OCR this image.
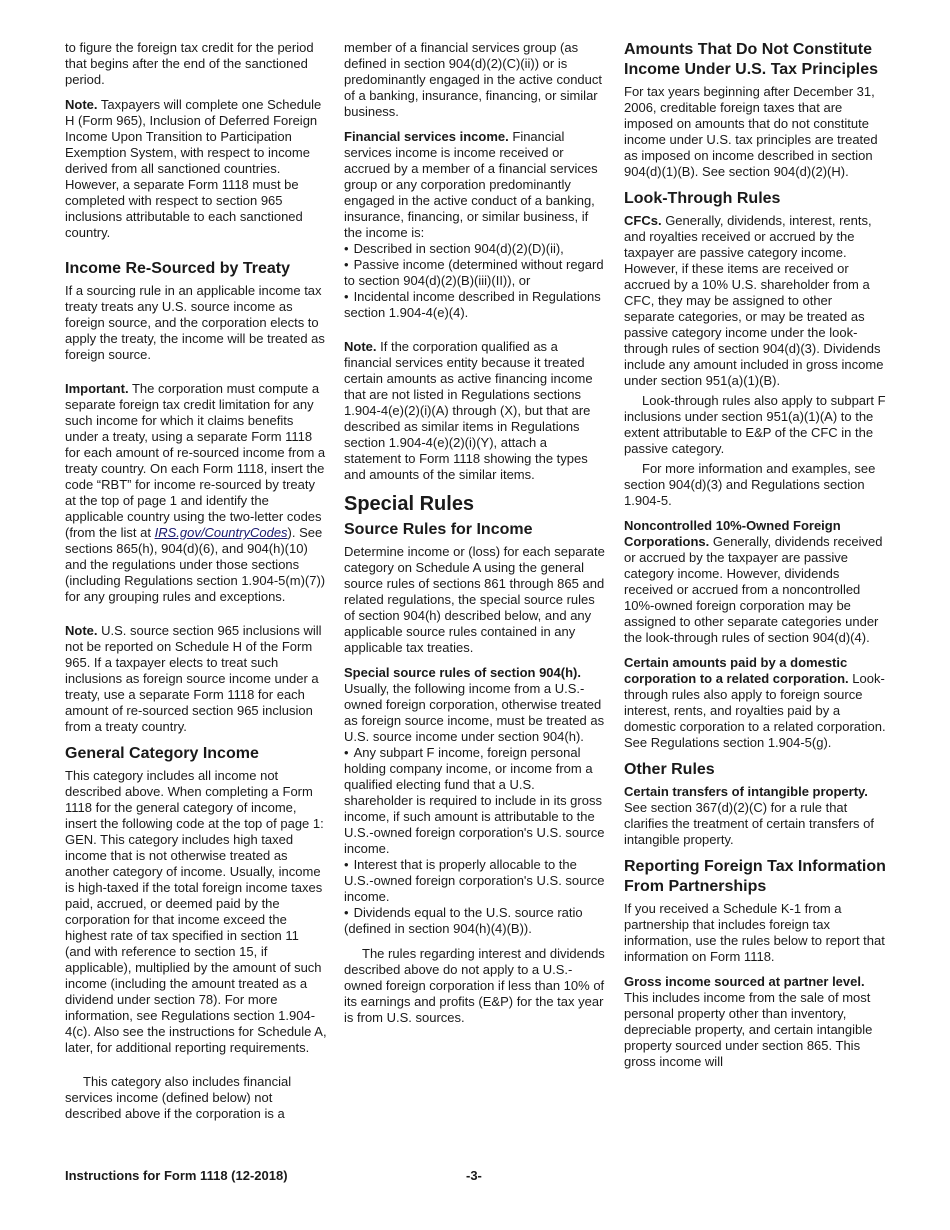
to figure the foreign tax credit for the period that begins after the end of the sanctioned period.

Note. Taxpayers will complete one Schedule H (Form 965), Inclusion of Deferred Foreign Income Upon Transition to Participation Exemption System, with respect to income derived from all sanctioned countries. However, a separate Form 1118 must be completed with respect to section 965 inclusions attributable to each sanctioned country.

Income Re-Sourced by Treaty

If a sourcing rule in an applicable income tax treaty treats any U.S. source income as foreign source, and the corporation elects to apply the treaty, the income will be treated as foreign source.

Important. The corporation must compute a separate foreign tax credit limitation for any such income for which it claims benefits under a treaty, using a separate Form 1118 for each amount of re-sourced income from a treaty country. On each Form 1118, insert the code “RBT” for income re-sourced by treaty at the top of page 1 and identify the applicable country using the two-letter codes (from the list at IRS.gov/CountryCodes). See sections 865(h), 904(d)(6), and 904(h)(10) and the regulations under those sections (including Regulations section 1.904-5(m)(7)) for any grouping rules and exceptions.

Note. U.S. source section 965 inclusions will not be reported on Schedule H of the Form 965. If a taxpayer elects to treat such inclusions as foreign source income under a treaty, use a separate Form 1118 for each amount of re-sourced section 965 inclusion from a treaty country.

General Category Income

This category includes all income not described above. When completing a Form 1118 for the general category of income, insert the following code at the top of page 1: GEN. This category includes high taxed income that is not otherwise treated as another category of income. Usually, income is high-taxed if the total foreign income taxes paid, accrued, or deemed paid by the corporation for that income exceed the highest rate of tax specified in section 11 (and with reference to section 15, if applicable), multiplied by the amount of such income (including the amount treated as a dividend under section 78). For more information, see Regulations section 1.904-4(c). Also see the instructions for Schedule A, later, for additional reporting requirements.

This category also includes financial services income (defined below) not described above if the corporation is a

member of a financial services group (as defined in section 904(d)(2)(C)(ii)) or is predominantly engaged in the active conduct of a banking, insurance, financing, or similar business.

Financial services income. Financial services income is income received or accrued by a member of a financial services group or any corporation predominantly engaged in the active conduct of a banking, insurance, financing, or similar business, if the income is:

• Described in section 904(d)(2)(D)(ii),
• Passive income (determined without regard to section 904(d)(2)(B)(iii)(II)), or
• Incidental income described in Regulations section 1.904-4(e)(4).

Note. If the corporation qualified as a financial services entity because it treated certain amounts as active financing income that are not listed in Regulations sections 1.904-4(e)(2)(i)(A) through (X), but that are described as similar items in Regulations section 1.904-4(e)(2)(i)(Y), attach a statement to Form 1118 showing the types and amounts of the similar items.

Special Rules
Source Rules for Income

Determine income or (loss) for each separate category on Schedule A using the general source rules of sections 861 through 865 and related regulations, the special source rules of section 904(h) described below, and any applicable source rules contained in any applicable tax treaties.

Special source rules of section 904(h). Usually, the following income from a U.S.-owned foreign corporation, otherwise treated as foreign source income, must be treated as U.S. source income under section 904(h).

• Any subpart F income, foreign personal holding company income, or income from a qualified electing fund that a U.S. shareholder is required to include in its gross income, if such amount is attributable to the U.S.-owned foreign corporation's U.S. source income.
• Interest that is properly allocable to the U.S.-owned foreign corporation's U.S. source income.
• Dividends equal to the U.S. source ratio (defined in section 904(h)(4)(B)).

The rules regarding interest and dividends described above do not apply to a U.S.-owned foreign corporation if less than 10% of its earnings and profits (E&P) for the tax year is from U.S. sources.

Amounts That Do Not Constitute Income Under U.S. Tax Principles

For tax years beginning after December 31, 2006, creditable foreign taxes that are imposed on amounts that do not constitute income under U.S. tax principles are treated as imposed on income described in section 904(d)(1)(B). See section 904(d)(2)(H).

Look-Through Rules

CFCs. Generally, dividends, interest, rents, and royalties received or accrued by the taxpayer are passive category income. However, if these items are received or accrued by a 10% U.S. shareholder from a CFC, they may be assigned to other separate categories, or may be treated as passive category income under the look-through rules of section 904(d)(3). Dividends include any amount included in gross income under section 951(a)(1)(B).

Look-through rules also apply to subpart F inclusions under section 951(a)(1)(A) to the extent attributable to E&P of the CFC in the passive category.

For more information and examples, see section 904(d)(3) and Regulations section 1.904-5.

Noncontrolled 10%-Owned Foreign Corporations. Generally, dividends received or accrued by the taxpayer are passive category income. However, dividends received or accrued from a noncontrolled 10%-owned foreign corporation may be assigned to other separate categories under the look-through rules of section 904(d)(4).

Certain amounts paid by a domestic corporation to a related corporation. Look-through rules also apply to foreign source interest, rents, and royalties paid by a domestic corporation to a related corporation. See Regulations section 1.904-5(g).

Other Rules

Certain transfers of intangible property. See section 367(d)(2)(C) for a rule that clarifies the treatment of certain transfers of intangible property.

Reporting Foreign Tax Information From Partnerships

If you received a Schedule K-1 from a partnership that includes foreign tax information, use the rules below to report that information on Form 1118.

Gross income sourced at partner level. This includes income from the sale of most personal property other than inventory, depreciable property, and certain intangible property sourced under section 865. This gross income will

Instructions for Form 1118 (12-2018)	-3-
